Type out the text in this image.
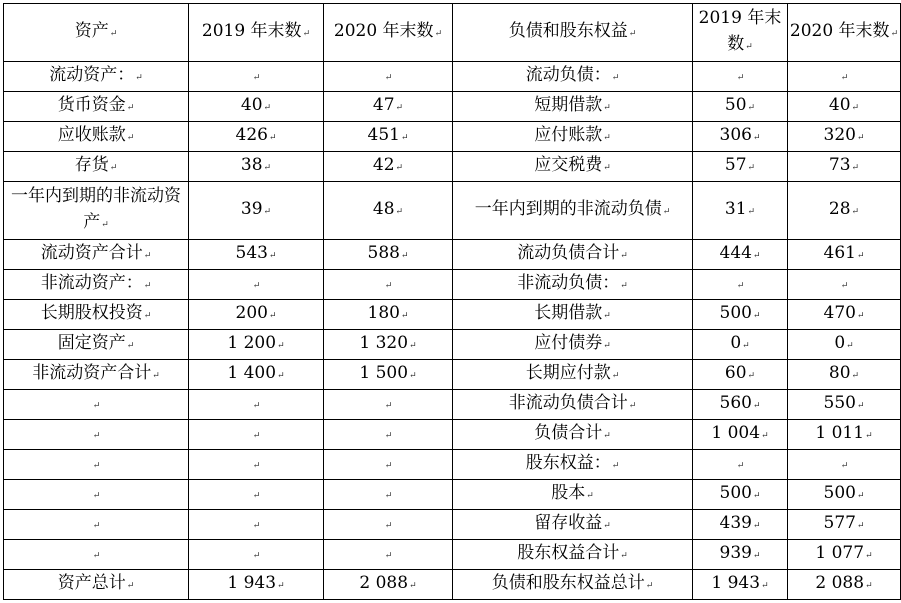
资产↵	2019 年末数↵	2020 年末数↵	负债和股东权益↵	2019 年末数↵	2020 年末数↵
流动资产：↵	↵	↵	流动负债：↵	↵	↵
货币资金↵	40↵	47↵	短期借款↵	50↵	40↵
应收账款↵	426↵	451↵	应付账款↵	306↵	320↵
存货↵	38↵	42↵	应交税费↵	57↵	73↵
一年内到期的非流动资产↵	39↵	48↵	一年内到期的非流动负债↵	31↵	28↵
流动资产合计↵	543↵	588↵	流动负债合计↵	444↵	461↵
非流动资产：↵	↵	↵	非流动负债：↵	↵	↵
长期股权投资↵	200↵	180↵	长期借款↵	500↵	470↵
固定资产↵	1 200↵	1 320↵	应付债券↵	0↵	0↵
非流动资产合计↵	1 400↵	1 500↵	长期应付款↵	60↵	80↵
↵	↵	↵	非流动负债合计↵	560↵	550↵
↵	↵	↵	负债合计↵	1 004↵	1 011↵
↵	↵	↵	股东权益：↵	↵	↵
↵	↵	↵	股本↵	500↵	500↵
↵	↵	↵	留存收益↵	439↵	577↵
↵	↵	↵	股东权益合计↵	939↵	1 077↵
资产总计↵	1 943↵	2 088↵	负债和股东权益总计↵	1 943↵	2 088↵
